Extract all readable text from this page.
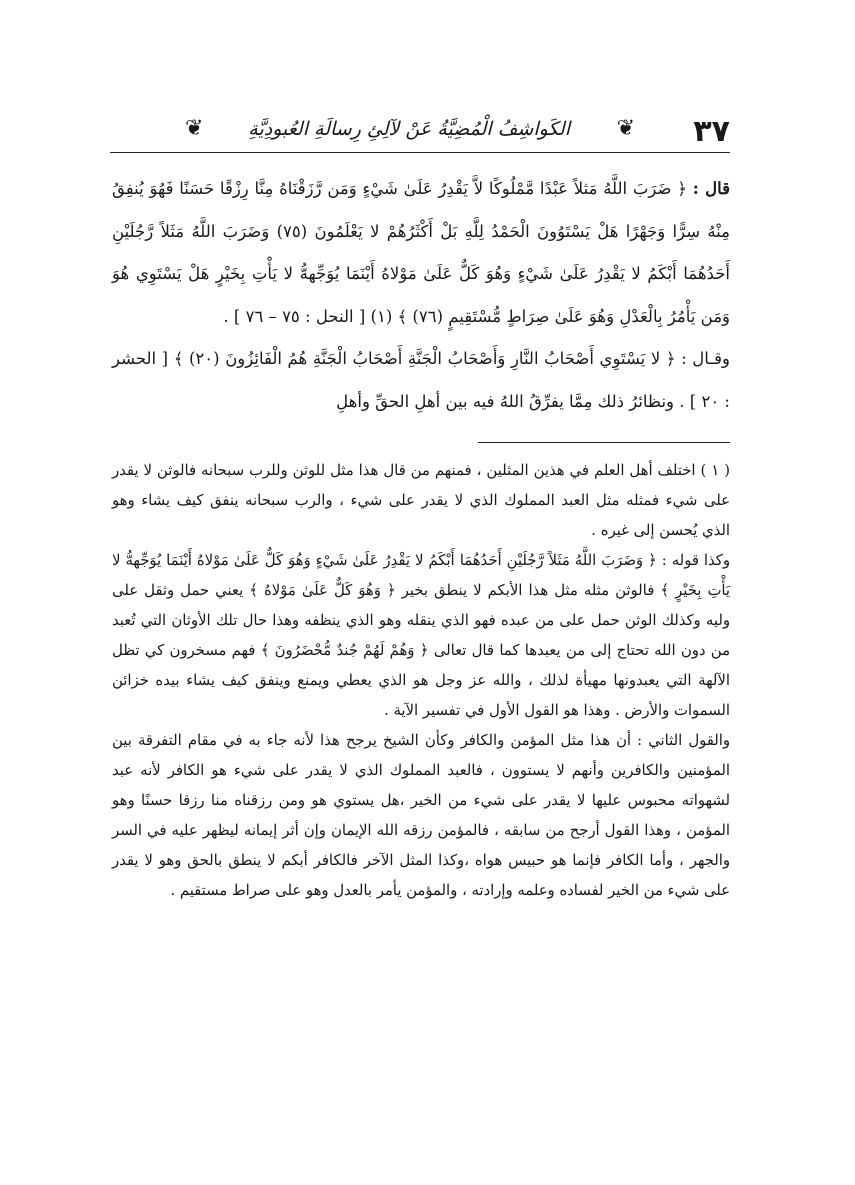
٣٧
❦
الكَواشِفُ الْمُضِيَّةُ عَنْ لآلِئِ رِسالَةِ العُبودِيَّةِ
❦

قال : ﴿ ضَرَبَ اللَّهُ مَثلاً عَبْدًا مَّمْلُوكًا لاَّ يَقْدِرُ عَلَىٰ شَيْءٍ وَمَن رَّزَقْنَاهُ مِنَّا رِزْقًا حَسَنًا فَهُوَ يُنفِقُ مِنْهُ سِرًّا وَجَهْرًا هَلْ يَسْتَوُونَ الْحَمْدُ لِلَّهِ بَلْ أَكْثَرُهُمْ لا يَعْلَمُونَ (٧٥) وَضَرَبَ اللَّهُ مَثَلاً رَّجُلَيْنِ أَحَدُهُمَا أَبْكَمُ لا يَقْدِرُ عَلَىٰ شَيْءٍ وَهُوَ كَلٌّ عَلَىٰ مَوْلاهُ أَيْنَمَا يُوَجِّههُّ لا يَأْتِ بِخَيْرٍ هَلْ يَسْتَوِي هُوَ وَمَن يَأْمُرُ بِالْعَدْلِ وَهُوَ عَلَىٰ صِرَاطٍ مُّسْتَقِيمٍ (٧٦) ﴾ (١) [ النحل : ٧٥ – ٧٦ ] .

وقـال : ﴿ لا يَسْتَوِي أَصْحَابُ النَّارِ وَأَصْحَابُ الْجَنَّةِ أَصْحَابُ الْجَنَّةِ هُمُ الْفَائِزُونَ (٢٠) ﴾ [ الحشر : ٢٠ ] . ونظائرُ ذلك مِمَّا يفرِّقُ اللهُ فيه بين أهلِ الحقِّ وأهلِ

( ١ ) اختلف أهل العلم في هذين المثلين ، فمنهم من قال هذا مثل للوثن وللرب سبحانه فالوثن لا يقدر على شيء فمثله مثل العبد المملوك الذي لا يقدر على شيء ، والرب سبحانه ينفق كيف يشاء وهو الذي يُحسن إلى غيره .

وكذا قوله : ﴿ وَضَرَبَ اللَّهُ مَثَلاً رَّجُلَيْنِ أَحَدُهُمَا أَبْكَمُ لا يَقْدِرُ عَلَىٰ شَيْءٍ وَهُوَ كَلٌّ عَلَىٰ مَوْلاهُ أَيْنَمَا يُوَجِّههُّ لا يَأْتِ بِخَيْرٍ ﴾ فالوثن مثله مثل هذا الأبكم لا ينطق بخير ﴿ وَهُوَ كَلٌّ عَلَىٰ مَوْلاهُ ﴾ يعني حمل وثقل على وليه وكذلك الوثن حمل على من عبده فهو الذي ينقله وهو الذي ينظفه وهذا حال تلك الأوثان التي تُعبد من دون الله تحتاج إلى من يعبدها كما قال تعالى ﴿ وَهُمْ لَهُمْ جُندٌ مُّحْضَرُونَ ﴾ فهم مسخرون كي تظل الآلهة التي يعبدونها مهيأة لذلك ، والله عز وجل هو الذي يعطي ويمنع وينفق كيف يشاء بيده خزائن السموات والأرض . وهذا هو القول الأول في تفسير الآية .

والقول الثاني : أن هذا مثل المؤمن والكافر وكأن الشيخ يرجح هذا لأنه جاء به في مقام التفرقة بين المؤمنين والكافرين وأنهم لا يستوون ، فالعبد المملوك الذي لا يقدر على شيء هو الكافر لأنه عبد لشهواته محبوس عليها لا يقدر على شيء من الخير ،هل يستوي هو ومن رزقناه منا رزقا حسنًا وهو المؤمن ، وهذا القول أرجح من سابقه ، فالمؤمن رزقه الله الإيمان وإن أثر إيمانه ليظهر عليه في السر والجهر ، وأما الكافر فإنما هو حبيس هواه ،وكذا المثل الآخر فالكافر أبكم لا ينطق بالحق وهو لا يقدر على شيء من الخير لفساده وعلمه وإرادته ، والمؤمن يأمر بالعدل وهو على صراط مستقيم .
